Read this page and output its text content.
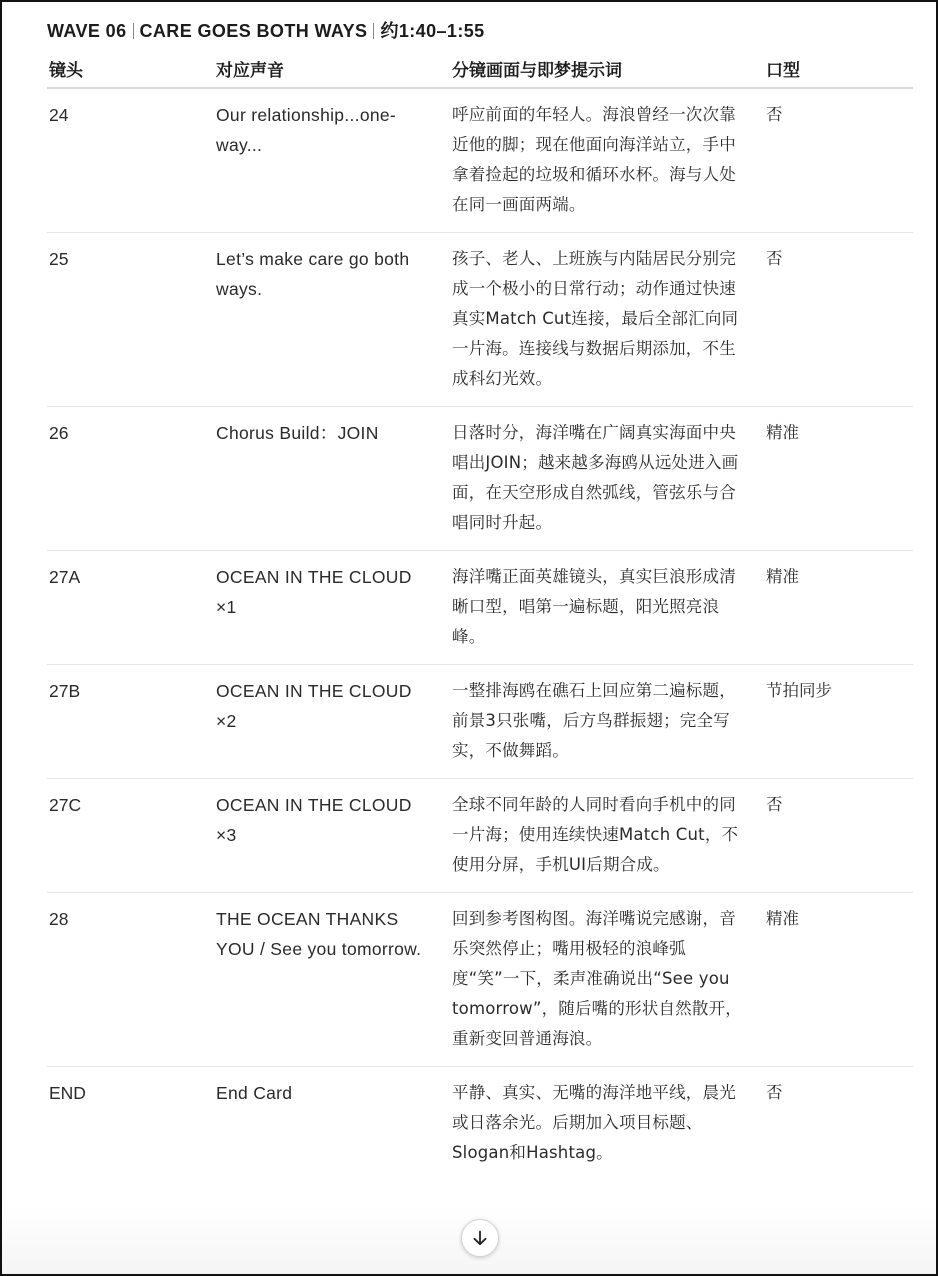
WAVE 06 CARE GOES BOTH WAYS 约1:40–1:55
镜头	对应声音	分镜画面与即梦提示词	口型
24	Our relationship...one-way...	呼应前面的年轻人。海浪曾经一次次靠近他的脚；现在他面向海洋站立，手中拿着捡起的垃圾和循环水杯。海与人处在同一画面两端。	否
25	Let’s make care go both ways.	孩子、老人、上班族与内陆居民分别完成一个极小的日常行动；动作通过快速真实Match Cut连接，最后全部汇向同一片海。连接线与数据后期添加，不生成科幻光效。	否
26	Chorus Build：JOIN	日落时分，海洋嘴在广阔真实海面中央唱出JOIN；越来越多海鸥从远处进入画面，在天空形成自然弧线，管弦乐与合唱同时升起。	精准
27A	OCEAN IN THE CLOUD ×1	海洋嘴正面英雄镜头，真实巨浪形成清晰口型，唱第一遍标题，阳光照亮浪峰。	精准
27B	OCEAN IN THE CLOUD ×2	一整排海鸥在礁石上回应第二遍标题，前景3只张嘴，后方鸟群振翅；完全写实，不做舞蹈。	节拍同步
27C	OCEAN IN THE CLOUD ×3	全球不同年龄的人同时看向手机中的同一片海；使用连续快速Match Cut，不使用分屏，手机UI后期合成。	否
28	THE OCEAN THANKS YOU / See you tomorrow.	回到参考图构图。海洋嘴说完感谢，音乐突然停止；嘴用极轻的浪峰弧度“笑”一下，柔声准确说出“See you tomorrow”，随后嘴的形状自然散开，重新变回普通海浪。	精准
END	End Card	平静、真实、无嘴的海洋地平线，晨光或日落余光。后期加入项目标题、Slogan和Hashtag。	否
